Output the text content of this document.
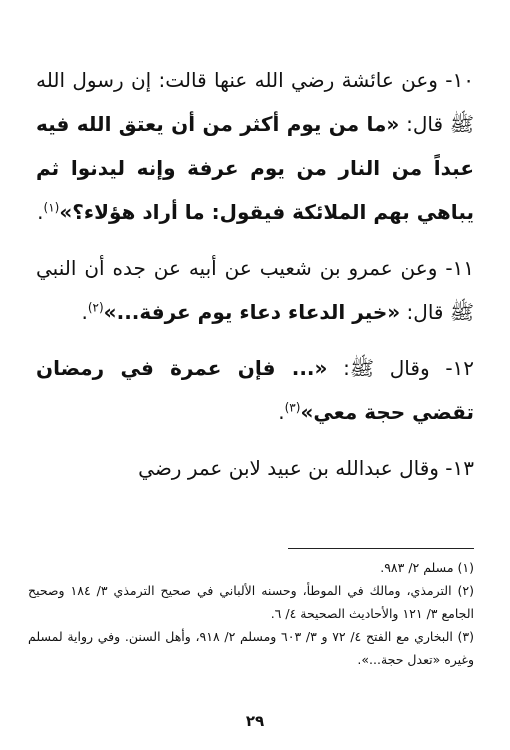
١٠- وعن عائشة رضي الله عنها قالت: إن رسول الله ﷺ قال: «ما من يوم أكثر من أن يعتق الله فيه عبداً من النار من يوم عرفة وإنه ليدنوا ثم يباهي بهم الملائكة فيقول: ما أراد هؤلاء؟»$^{(١)}$.

١١- وعن عمرو بن شعيب عن أبيه عن جده أن النبي ﷺ قال: «خير الدعاء دعاء يوم عرفة...»$^{(٢)}$.

١٢- وقال ﷺ: «... فإن عمرة في رمضان تقضي حجة معي»$^{(٣)}$.

١٣- وقال عبدالله بن عبيد لابن عمر رضي

(١) مسلم ٢/ ٩٨٣.

(٢) الترمذي، ومالك في الموطأ، وحسنه الألباني في صحيح الترمذي ٣/ ١٨٤ وصحيح الجامع ٣/ ١٢١ والأحاديث الصحيحة ٤/ ٦.

(٣) البخاري مع الفتح ٤/ ٧٢ و ٣/ ٦٠٣ ومسلم ٢/ ٩١٨، وأهل السنن. وفي رواية لمسلم وغيره «تعدل حجة...».

٢٩
